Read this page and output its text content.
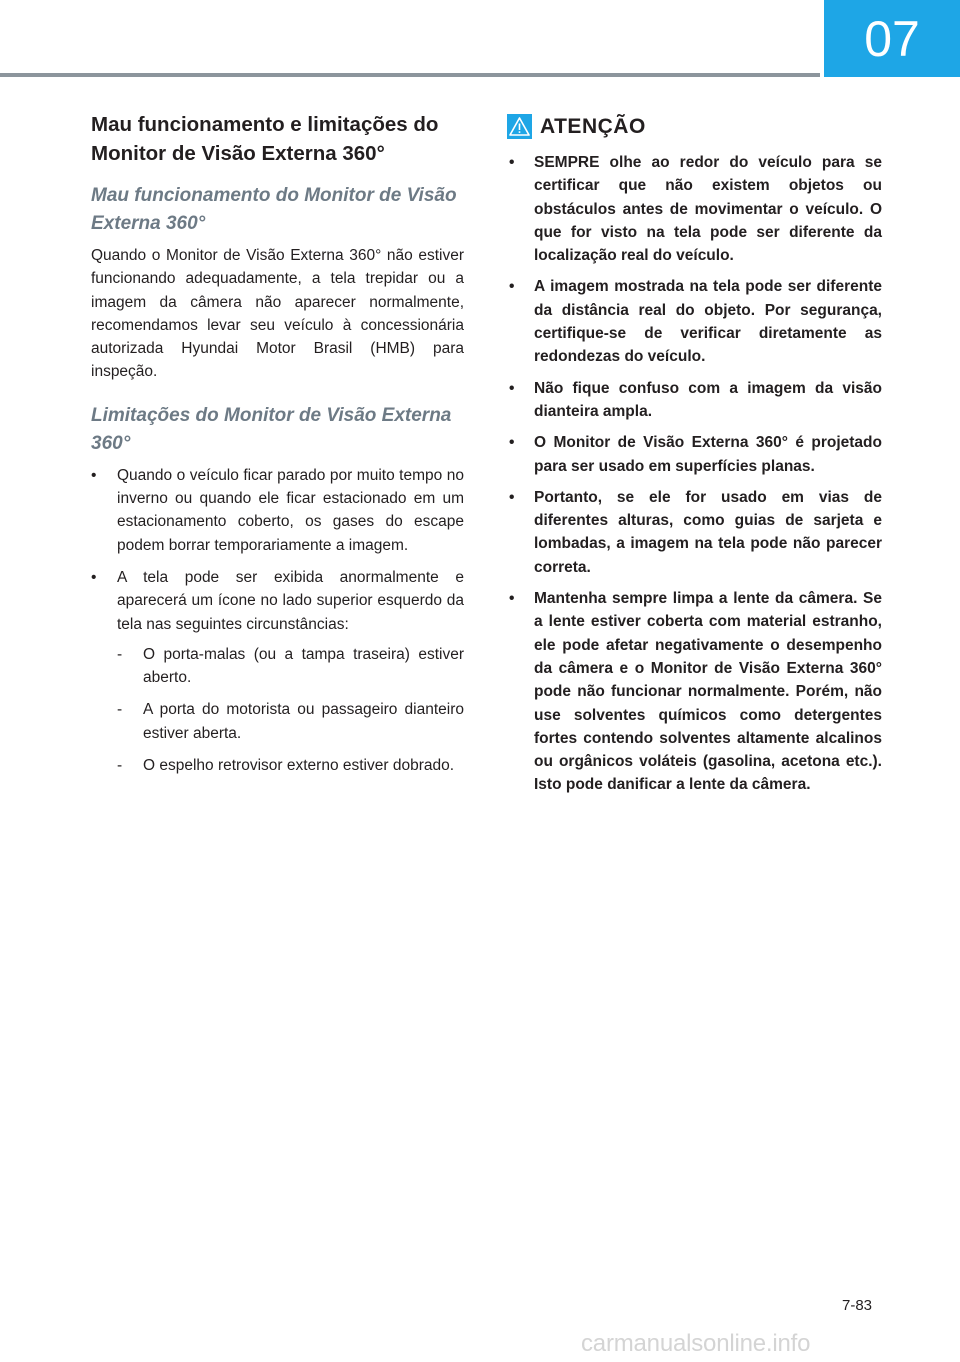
07
Mau funcionamento e limitações do Monitor de Visão Externa 360°
Mau funcionamento do Monitor de Visão Externa 360°

Quando o Monitor de Visão Externa 360° não estiver funcionando adequadamente, a tela trepidar ou a imagem da câmera não aparecer normalmente, recomendamos levar seu veículo à concessionária autorizada Hyundai Motor Brasil (HMB) para inspeção.

Limitações do Monitor de Visão Externa 360°
• Quando o veículo ficar parado por muito tempo no inverno ou quando ele ficar estacionado em um estacionamento coberto, os gases do escape podem borrar temporariamente a imagem.
• A tela pode ser exibida anormalmente e aparecerá um ícone no lado superior esquerdo da tela nas seguintes circunstâncias:
- O porta-malas (ou a tampa traseira) estiver aberto.
- A porta do motorista ou passageiro dianteiro estiver aberta.
- O espelho retrovisor externo estiver dobrado.
ATENÇÃO
• SEMPRE olhe ao redor do veículo para se certificar que não existem objetos ou obstáculos antes de movimentar o veículo. O que for visto na tela pode ser diferente da localização real do veículo.
• A imagem mostrada na tela pode ser diferente da distância real do objeto. Por segurança, certifique-se de verificar diretamente as redondezas do veículo.
• Não fique confuso com a imagem da visão dianteira ampla.
• O Monitor de Visão Externa 360° é projetado para ser usado em superfícies planas.
• Portanto, se ele for usado em vias de diferentes alturas, como guias de sarjeta e lombadas, a imagem na tela pode não parecer correta.
• Mantenha sempre limpa a lente da câmera. Se a lente estiver coberta com material estranho, ele pode afetar negativamente o desempenho da câmera e o Monitor de Visão Externa 360° pode não funcionar normalmente. Porém, não use solventes químicos como detergentes fortes contendo solventes altamente alcalinos ou orgânicos voláteis (gasolina, acetona etc.). Isto pode danificar a lente da câmera.
7-83
carmanualsonline.info
